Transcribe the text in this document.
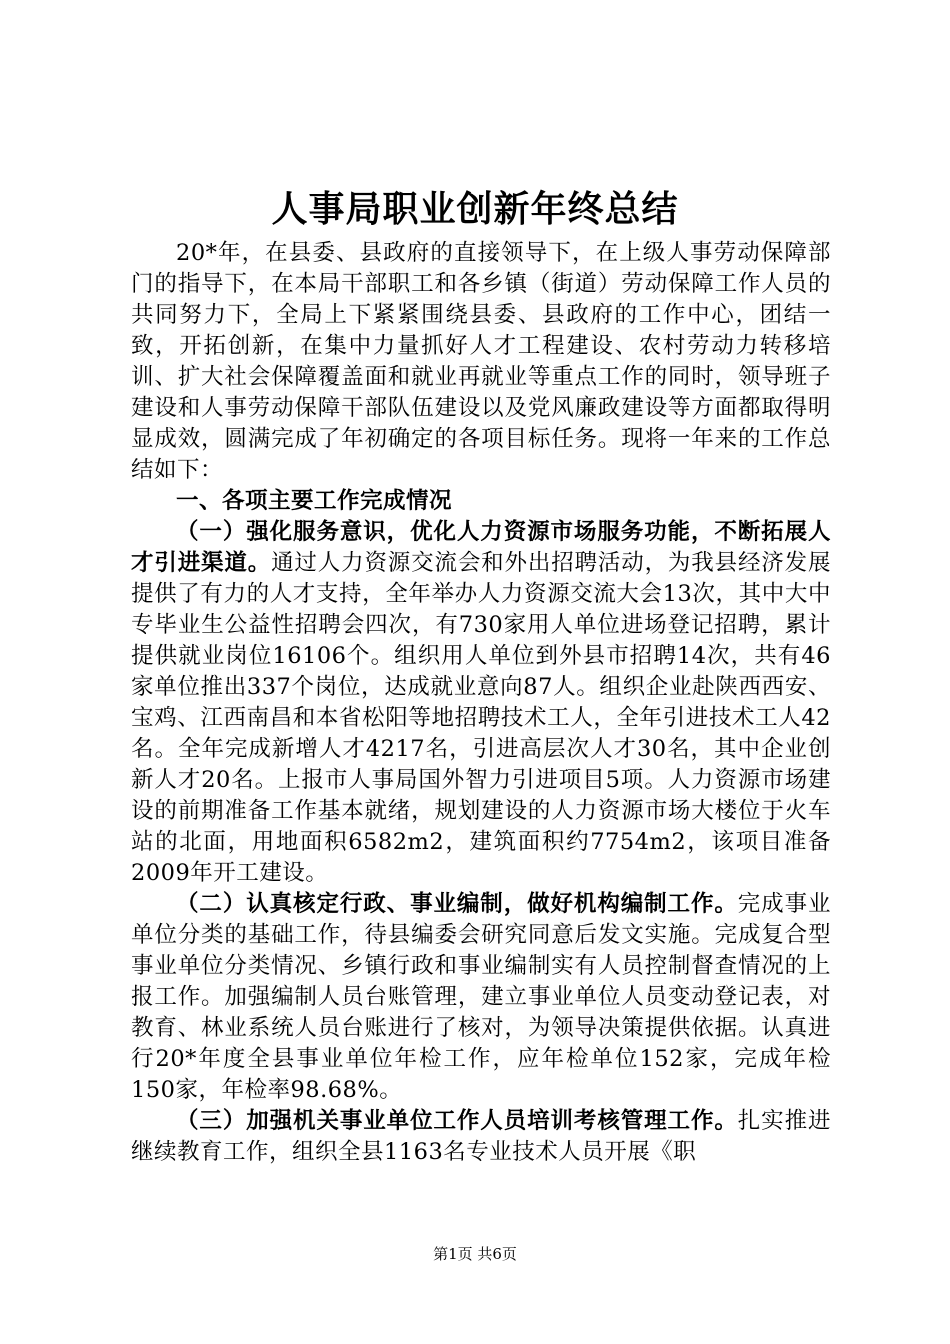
人事局职业创新年终总结

20*年，在县委、县政府的直接领导下，在上级人事劳动保障部门的指导下，在本局干部职工和各乡镇（街道）劳动保障工作人员的共同努力下，全局上下紧紧围绕县委、县政府的工作中心，团结一致，开拓创新，在集中力量抓好人才工程建设、农村劳动力转移培训、扩大社会保障覆盖面和就业再就业等重点工作的同时，领导班子建设和人事劳动保障干部队伍建设以及党风廉政建设等方面都取得明显成效，圆满完成了年初确定的各项目标任务。现将一年来的工作总结如下：

一、各项主要工作完成情况

（一）强化服务意识，优化人力资源市场服务功能，不断拓展人才引进渠道。通过人力资源交流会和外出招聘活动，为我县经济发展提供了有力的人才支持，全年举办人力资源交流大会13次，其中大中专毕业生公益性招聘会四次，有730家用人单位进场登记招聘，累计提供就业岗位16106个。组织用人单位到外县市招聘14次，共有46家单位推出337个岗位，达成就业意向87人。组织企业赴陕西西安、宝鸡、江西南昌和本省松阳等地招聘技术工人，全年引进技术工人42名。全年完成新增人才4217名，引进高层次人才30名，其中企业创新人才20名。上报市人事局国外智力引进项目5项。人力资源市场建设的前期准备工作基本就绪，规划建设的人力资源市场大楼位于火车站的北面，用地面积6582m2，建筑面积约7754m2，该项目准备2009年开工建设。

（二）认真核定行政、事业编制，做好机构编制工作。完成事业单位分类的基础工作，待县编委会研究同意后发文实施。完成复合型事业单位分类情况、乡镇行政和事业编制实有人员控制督查情况的上报工作。加强编制人员台账管理，建立事业单位人员变动登记表，对教育、林业系统人员台账进行了核对，为领导决策提供依据。认真进行20*年度全县事业单位年检工作，应年检单位152家，完成年检150家，年检率98.68%。

（三）加强机关事业单位工作人员培训考核管理工作。扎实推进继续教育工作，组织全县1163名专业技术人员开展《职

第1页 共6页
